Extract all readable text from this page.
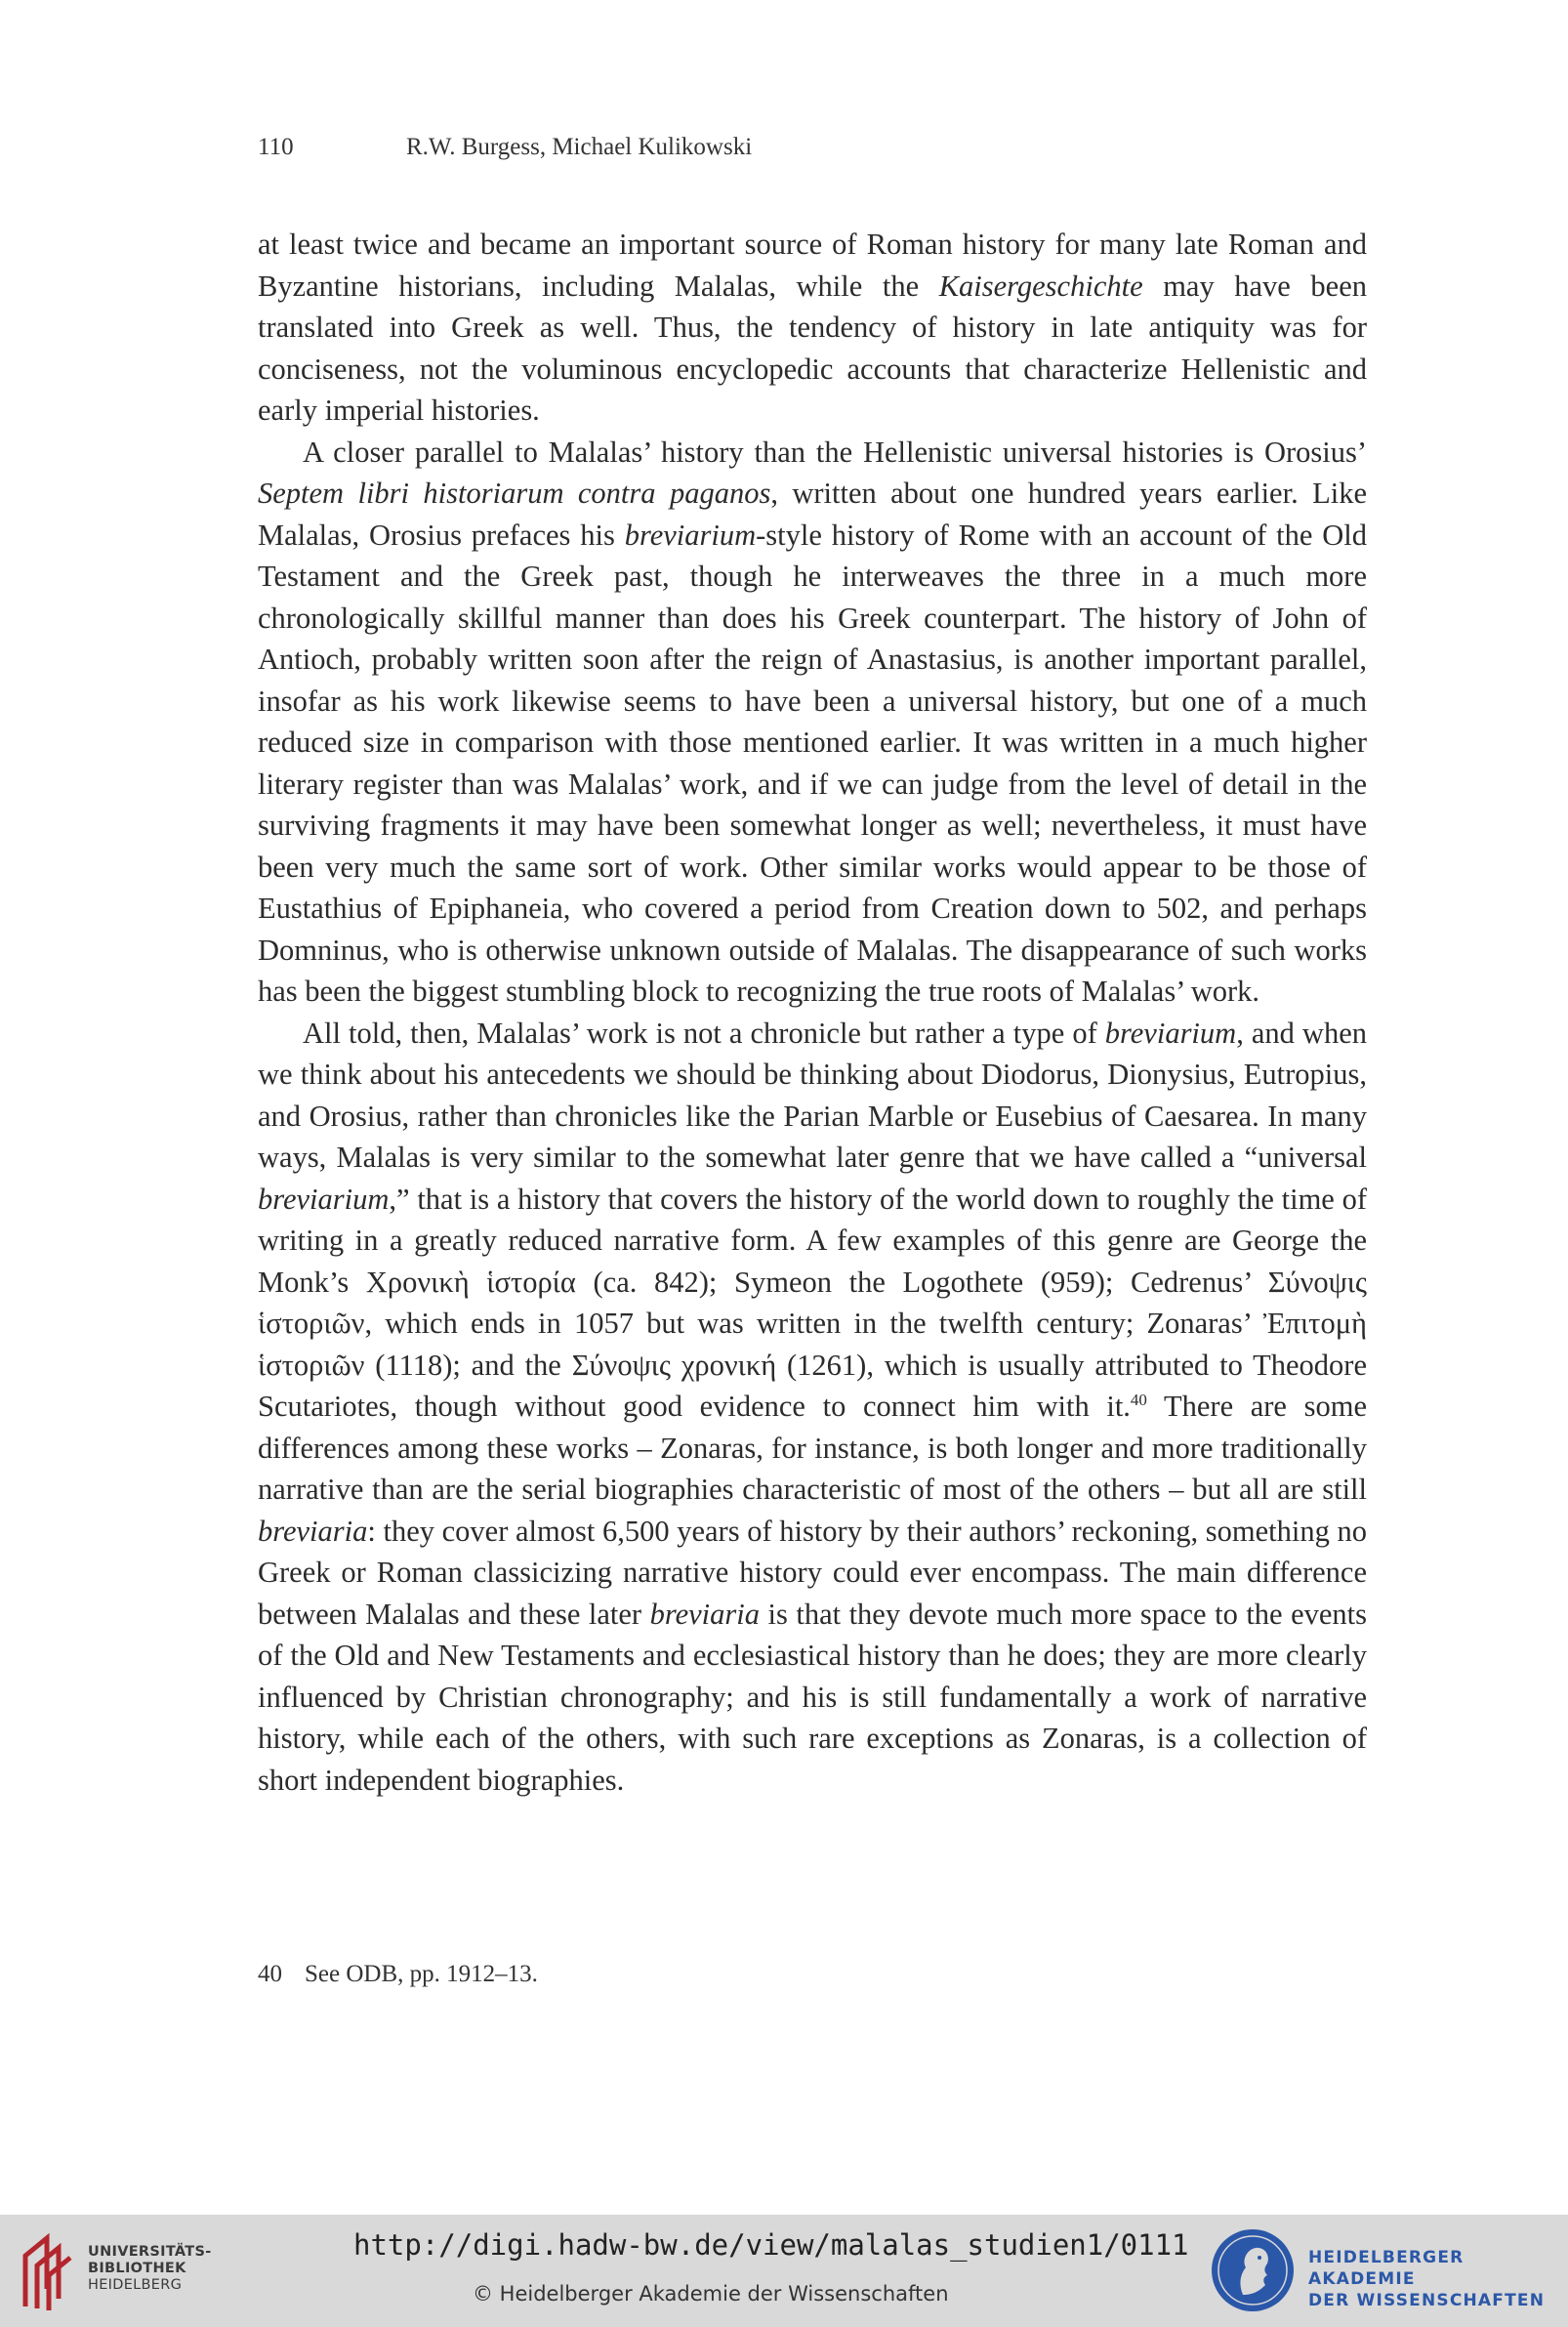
110	R.W. Burgess, Michael Kulikowski

at least twice and became an important source of Roman history for many late Roman and Byzantine historians, including Malalas, while the Kaisergeschichte may have been translated into Greek as well. Thus, the tendency of history in late antiquity was for conciseness, not the voluminous encyclopedic accounts that characterize Hellenistic and early imperial histories.

A closer parallel to Malalas’ history than the Hellenistic universal histories is Orosius’ Septem libri historiarum contra paganos, written about one hundred years earlier. Like Malalas, Orosius prefaces his breviarium-style history of Rome with an account of the Old Testament and the Greek past, though he interweaves the three in a much more chronologically skillful manner than does his Greek counterpart. The history of John of Antioch, probably written soon after the reign of Anastasius, is another important parallel, insofar as his work likewise seems to have been a universal history, but one of a much reduced size in comparison with those mentioned earlier. It was written in a much higher literary register than was Malalas’ work, and if we can judge from the level of detail in the surviving fragments it may have been somewhat longer as well; nevertheless, it must have been very much the same sort of work. Other similar works would appear to be those of Eustathius of Epiphaneia, who covered a period from Creation down to 502, and perhaps Domninus, who is otherwise unknown outside of Malalas. The disappearance of such works has been the biggest stumbling block to recognizing the true roots of Malalas’ work.

All told, then, Malalas’ work is not a chronicle but rather a type of breviarium, and when we think about his antecedents we should be thinking about Diodorus, Dionysius, Eutropius, and Orosius, rather than chronicles like the Parian Marble or Eusebius of Caesarea. In many ways, Malalas is very similar to the somewhat later genre that we have called a “universal breviarium,” that is a history that covers the history of the world down to roughly the time of writing in a greatly reduced narrative form. A few examples of this genre are George the Monk’s Χρονικὴ ἱστορία (ca. 842); Symeon the Logothete (959); Cedrenus’ Σύνοψις ἱστοριῶν, which ends in 1057 but was written in the twelfth century; Zonaras’ Ἐπιτομὴ ἱστοριῶν (1118); and the Σύνοψις χρονική (1261), which is usually attributed to Theodore Scutariotes, though without good evidence to connect him with it.$^{40}$ There are some differences among these works – Zonaras, for instance, is both longer and more traditionally narrative than are the serial biographies characteristic of most of the others – but all are still breviaria: they cover almost 6,500 years of history by their authors’ reckoning, something no Greek or Roman classicizing narrative history could ever encompass. The main difference between Malalas and these later breviaria is that they devote much more space to the events of the Old and New Testaments and ecclesiastical history than he does; they are more clearly influenced by Christian chronography; and his is still fundamentally a work of narrative history, while each of the others, with such rare exceptions as Zonaras, is a collection of short independent biographies.

40 See ODB, pp. 1912–13.
UNIVERSITÄTS-
BIBLIOTHEK
HEIDELBERG
http://digi.hadw-bw.de/view/malalas_studien1/0111
© Heidelberger Akademie der Wissenschaften
HEIDELBERGER AKADEMIE
DER WISSENSCHAFTEN
